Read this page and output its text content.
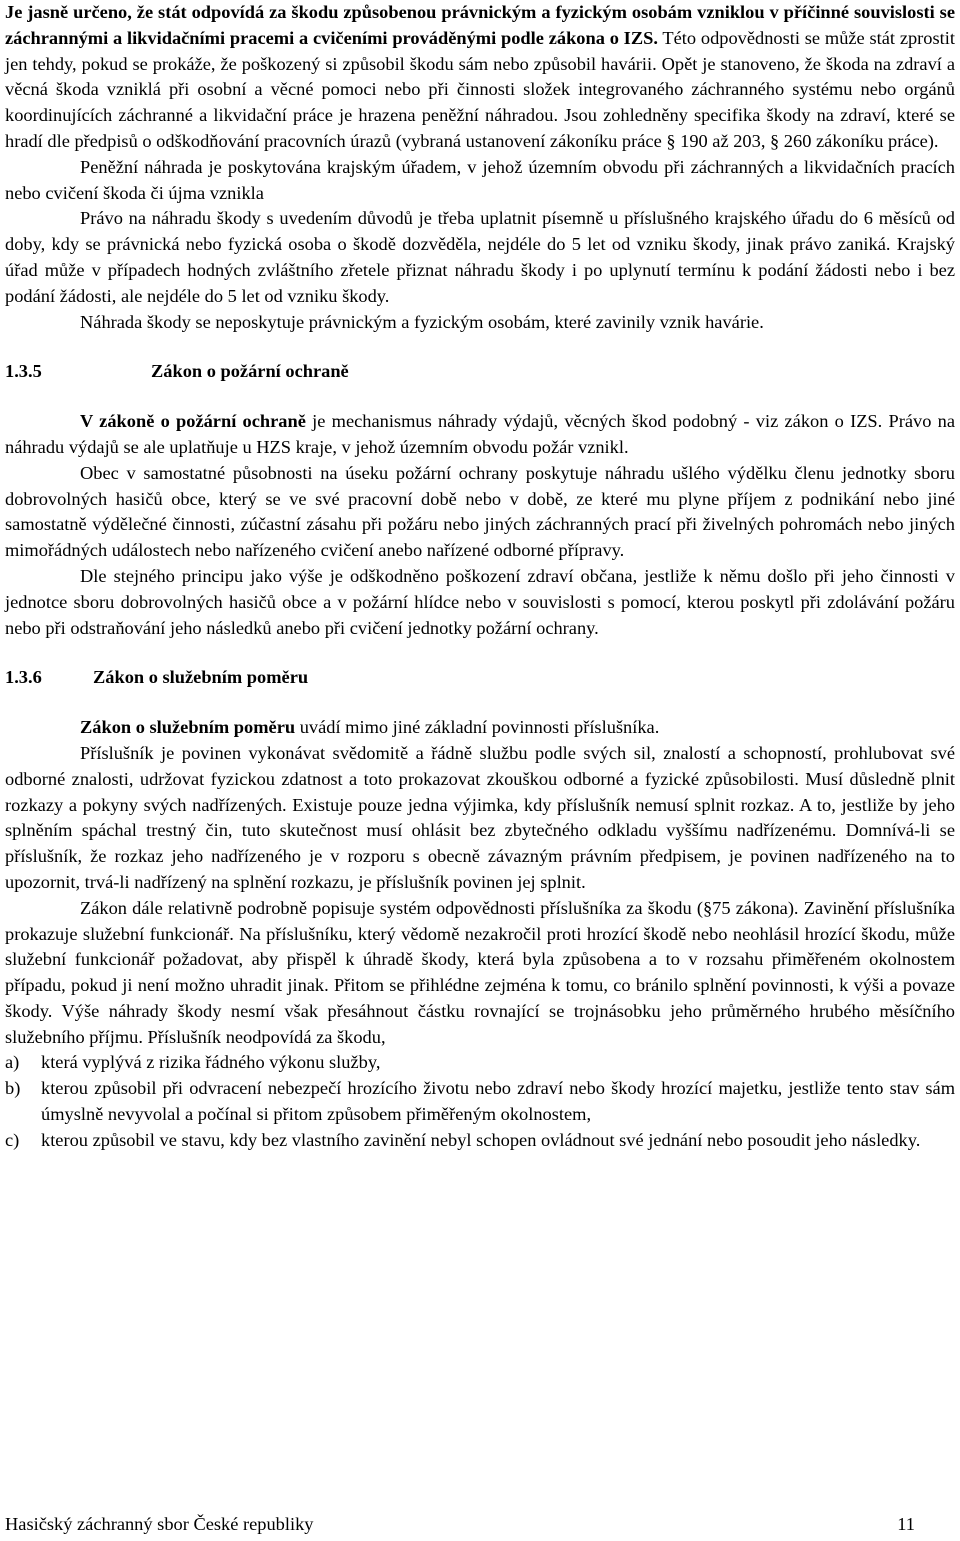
Je jasně určeno, že stát odpovídá za škodu způsobenou právnickým a fyzickým osobám vzniklou v příčinné souvislosti se záchrannými a likvidačními pracemi a cvičeními prováděnými podle zákona o IZS. Této odpovědnosti se může stát zprostit jen tehdy, pokud se prokáže, že poškozený si způsobil škodu sám nebo způsobil havárii. Opět je stanoveno, že škoda na zdraví a věcná škoda vzniklá při osobní a věcné pomoci nebo při činnosti složek integrovaného záchranného systému nebo orgánů koordinujících záchranné a likvidační práce je hrazena peněžní náhradou. Jsou zohledněny specifika škody na zdraví, které se hradí dle předpisů o odškodňování pracovních úrazů (vybraná ustanovení zákoníku práce § 190 až 203, § 260 zákoníku práce).

Peněžní náhrada je poskytována krajským úřadem, v jehož územním obvodu při záchranných a likvidačních pracích nebo cvičení škoda či újma vznikla

Právo na náhradu škody s uvedením důvodů je třeba uplatnit písemně u příslušného krajského úřadu do 6 měsíců od doby, kdy se právnická nebo fyzická osoba o škodě dozvěděla, nejdéle do 5 let od vzniku škody, jinak právo zaniká. Krajský úřad může v případech hodných zvláštního zřetele přiznat náhradu škody i po uplynutí termínu k podání žádosti nebo i bez podání žádosti, ale nejdéle do 5 let od vzniku škody.

Náhrada škody se neposkytuje právnickým a fyzickým osobám, které zavinily vznik havárie.

1.3.5	Zákon o požární ochraně

V zákoně o požární ochraně je mechanismus náhrady výdajů, věcných škod podobný - viz zákon o IZS. Právo na náhradu výdajů se ale uplatňuje u HZS kraje, v jehož územním obvodu požár vznikl.

Obec v samostatné působnosti na úseku požární ochrany poskytuje náhradu ušlého výdělku členu jednotky sboru dobrovolných hasičů obce, který se ve své pracovní době nebo v době, ze které mu plyne příjem z podnikání nebo jiné samostatně výdělečné činnosti, zúčastní zásahu při požáru nebo jiných záchranných prací při živelných pohromách nebo jiných mimořádných událostech nebo nařízeného cvičení anebo nařízené odborné přípravy.

Dle stejného principu jako výše je odškodněno poškození zdraví občana, jestliže k němu došlo při jeho činnosti v jednotce sboru dobrovolných hasičů obce a v požární hlídce nebo v souvislosti s pomocí, kterou poskytl při zdolávání požáru nebo při odstraňování jeho následků anebo při cvičení jednotky požární ochrany.

1.3.6	Zákon o služebním poměru

Zákon o služebním poměru uvádí mimo jiné základní povinnosti příslušníka.

Příslušník je povinen vykonávat svědomitě a řádně službu podle svých sil, znalostí a schopností, prohlubovat své odborné znalosti, udržovat fyzickou zdatnost a toto prokazovat zkouškou odborné a fyzické způsobilosti. Musí důsledně plnit rozkazy a pokyny svých nadřízených. Existuje pouze jedna výjimka, kdy příslušník nemusí splnit rozkaz. A to, jestliže by jeho splněním spáchal trestný čin, tuto skutečnost musí ohlásit bez zbytečného odkladu vyššímu nadřízenému. Domnívá-li se příslušník, že rozkaz jeho nadřízeného je v rozporu s obecně závazným právním předpisem, je povinen nadřízeného na to upozornit, trvá-li nadřízený na splnění rozkazu, je příslušník povinen jej splnit.

Zákon dále relativně podrobně popisuje systém odpovědnosti příslušníka za škodu (§75 zákona). Zavinění příslušníka prokazuje služební funkcionář. Na příslušníku, který vědomě nezakročil proti hrozící škodě nebo neohlásil hrozící škodu, může služební funkcionář požadovat, aby přispěl k úhradě škody, která byla způsobena a to v rozsahu přiměřeném okolnostem případu, pokud ji není možno uhradit jinak. Přitom se přihlédne zejména k tomu, co bránilo splnění povinnosti, k výši a povaze škody. Výše náhrady škody nesmí však přesáhnout částku rovnající se trojnásobku jeho průměrného hrubého měsíčního služebního příjmu. Příslušník neodpovídá za škodu,

a)	která vyplývá z rizika řádného výkonu služby,
b)	kterou způsobil při odvracení nebezpečí hrozícího životu nebo zdraví nebo škody hrozící majetku, jestliže tento stav sám úmyslně nevyvolal a počínal si přitom způsobem přiměřeným okolnostem,
c)	kterou způsobil ve stavu, kdy bez vlastního zavinění nebyl schopen ovládnout své jednání nebo posoudit jeho následky.
Hasičský záchranný sbor České republiky	11
